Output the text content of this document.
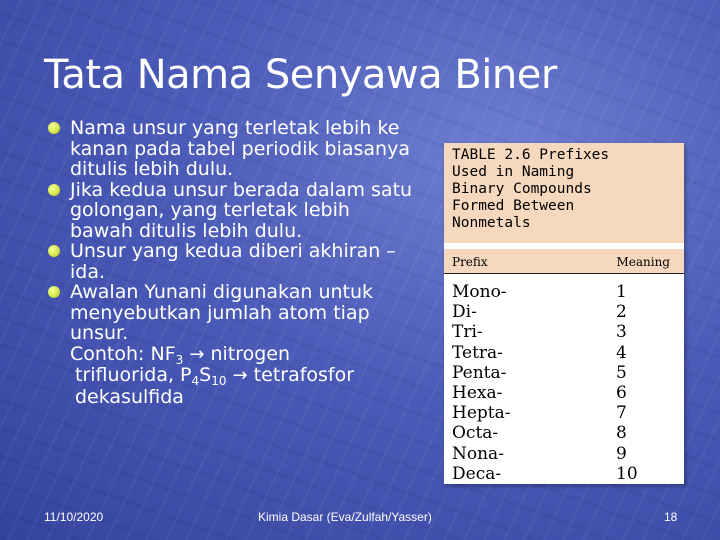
Tata Nama Senyawa Biner
Nama unsur yang terletak lebih ke kanan pada tabel periodik biasanya ditulis lebih dulu.
Jika kedua unsur berada dalam satu golongan, yang terletak lebih bawah ditulis lebih dulu.
Unsur yang kedua diberi akhiran –ida.
Awalan Yunani digunakan untuk menyebutkan jumlah atom tiap unsur.
Contoh: $NF_3$ → nitrogen
trifluorida, $P_4S_{10}$ → tetrafosfor
dekasulfida
TABLE 2.6 Prefixes
Used in Naming
Binary Compounds
Formed Between
Nonmetals
Prefix	Meaning
Mono-	1
Di-	2
Tri-	3
Tetra-	4
Penta-	5
Hexa-	6
Hepta-	7
Octa-	8
Nona-	9
Deca-	10
11/10/2020	Kimia Dasar (Eva/Zulfah/Yasser)	18
